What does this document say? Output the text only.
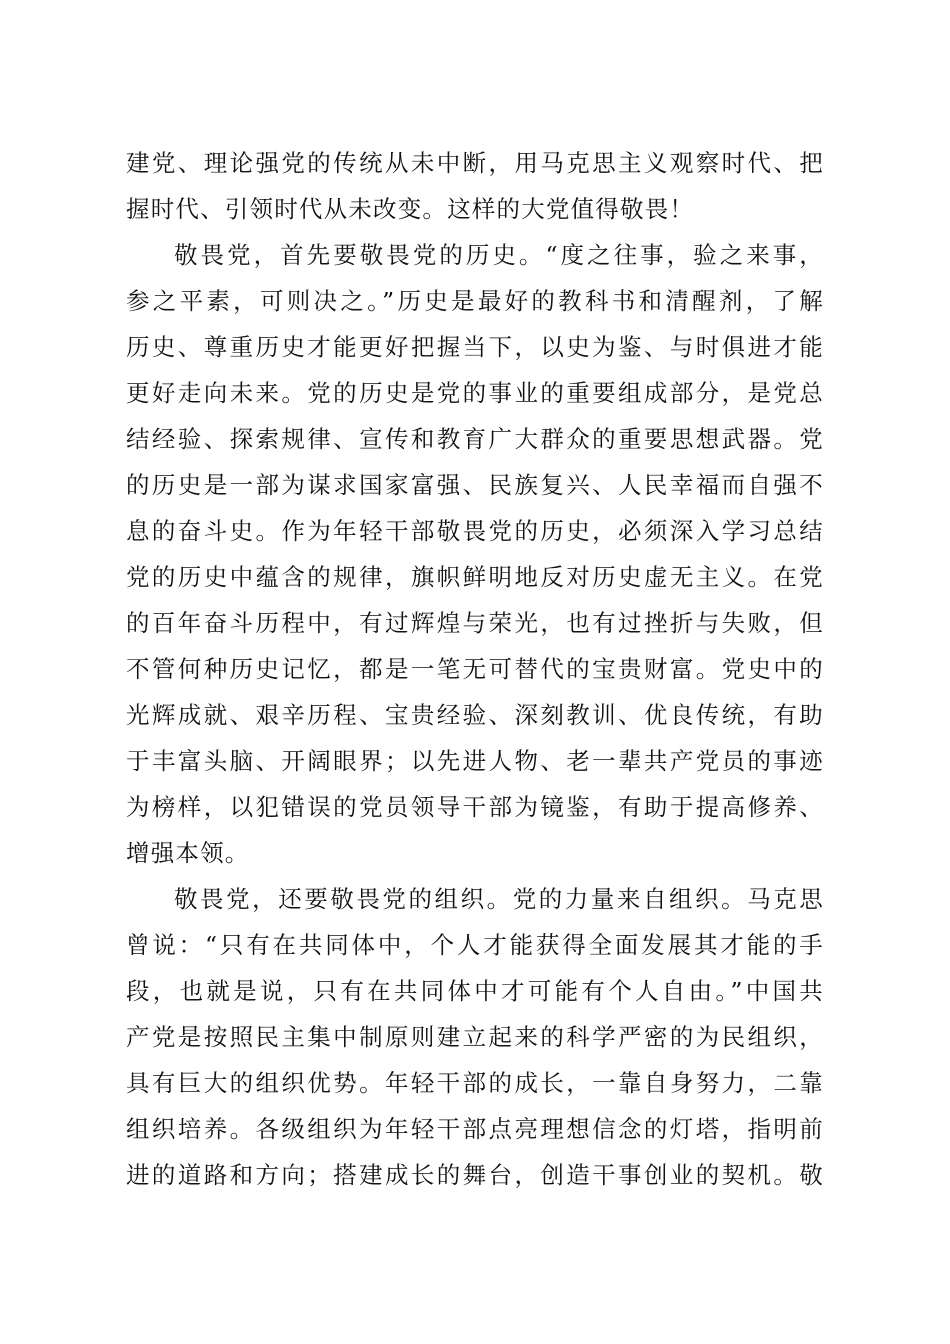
建党、理论强党的传统从未中断，用马克思主义观察时代、把
握时代、引领时代从未改变。这样的大党值得敬畏！
敬畏党，首先要敬畏党的历史。“度之往事，验之来事，
参之平素，可则决之。”历史是最好的教科书和清醒剂，了解
历史、尊重历史才能更好把握当下，以史为鉴、与时俱进才能
更好走向未来。党的历史是党的事业的重要组成部分，是党总
结经验、探索规律、宣传和教育广大群众的重要思想武器。党
的历史是一部为谋求国家富强、民族复兴、人民幸福而自强不
息的奋斗史。作为年轻干部敬畏党的历史，必须深入学习总结
党的历史中蕴含的规律，旗帜鲜明地反对历史虚无主义。在党
的百年奋斗历程中，有过辉煌与荣光，也有过挫折与失败，但
不管何种历史记忆，都是一笔无可替代的宝贵财富。党史中的
光辉成就、艰辛历程、宝贵经验、深刻教训、优良传统，有助
于丰富头脑、开阔眼界；以先进人物、老一辈共产党员的事迹
为榜样，以犯错误的党员领导干部为镜鉴，有助于提高修养、
增强本领。
敬畏党，还要敬畏党的组织。党的力量来自组织。马克思
曾说：“只有在共同体中，个人才能获得全面发展其才能的手
段，也就是说，只有在共同体中才可能有个人自由。”中国共
产党是按照民主集中制原则建立起来的科学严密的为民组织，
具有巨大的组织优势。年轻干部的成长，一靠自身努力，二靠
组织培养。各级组织为年轻干部点亮理想信念的灯塔，指明前
进的道路和方向；搭建成长的舞台，创造干事创业的契机。敬
